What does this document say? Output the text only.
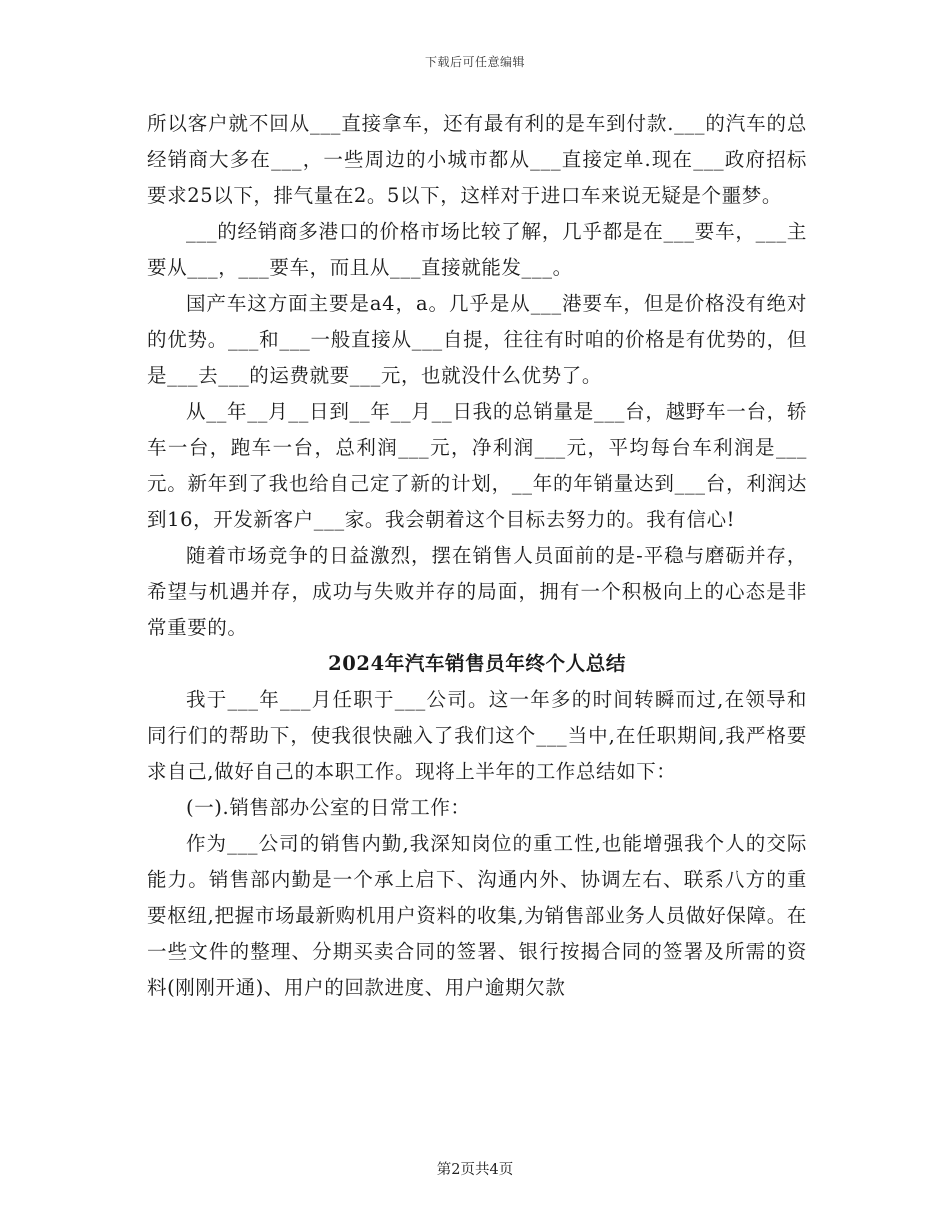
下载后可任意编辑

所以客户就不回从___直接拿车，还有最有利的是车到付款.___的汽车的总经销商大多在___，一些周边的小城市都从___直接定单.现在___政府招标要求25以下，排气量在2。5以下，这样对于进口车来说无疑是个噩梦。

___的经销商多港口的价格市场比较了解，几乎都是在___要车，___主要从___，___要车，而且从___直接就能发___。

国产车这方面主要是a4，a。几乎是从___港要车，但是价格没有绝对的优势。___和___一般直接从___自提，往往有时咱的价格是有优势的，但是___去___的运费就要___元，也就没什么优势了。

从__年__月__日到__年__月__日我的总销量是___台，越野车一台，轿车一台，跑车一台，总利润___元，净利润___元，平均每台车利润是___元。新年到了我也给自己定了新的计划，__年的年销量达到___台，利润达到16，开发新客户___家。我会朝着这个目标去努力的。我有信心!

随着市场竞争的日益激烈，摆在销售人员面前的是-平稳与磨砺并存，希望与机遇并存，成功与失败并存的局面，拥有一个积极向上的心态是非常重要的。

2024年汽车销售员年终个人总结

我于___年___月任职于___公司。这一年多的时间转瞬而过,在领导和同行们的帮助下，使我很快融入了我们这个___当中,在任职期间,我严格要求自己,做好自己的本职工作。现将上半年的工作总结如下：

(一).销售部办公室的日常工作：

作为___公司的销售内勤,我深知岗位的重工性,也能增强我个人的交际能力。销售部内勤是一个承上启下、沟通内外、协调左右、联系八方的重要枢纽,把握市场最新购机用户资料的收集,为销售部业务人员做好保障。在一些文件的整理、分期买卖合同的签署、银行按揭合同的签署及所需的资料(刚刚开通)、用户的回款进度、用户逾期欠款

第2页共4页
